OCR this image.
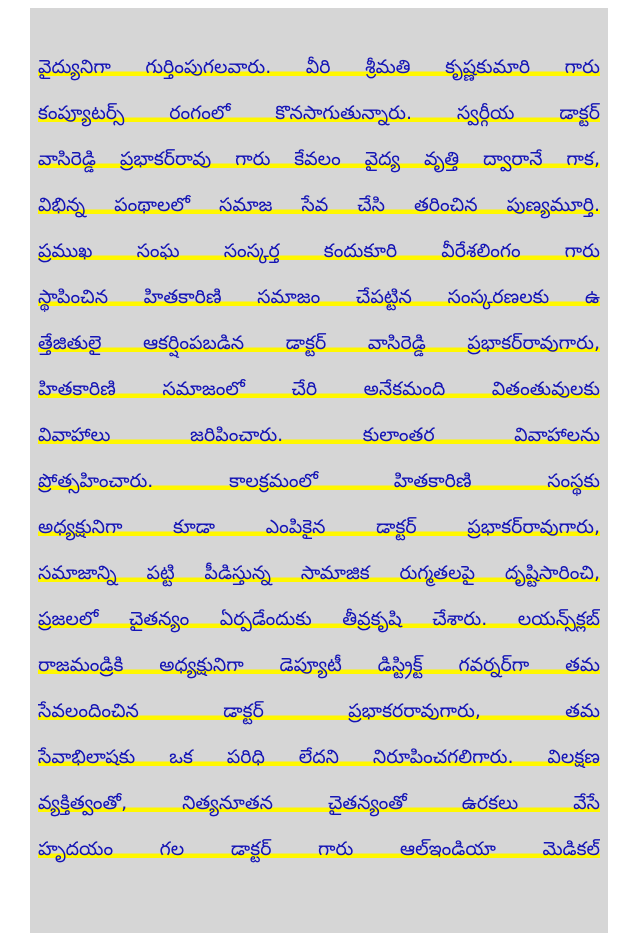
వైద్యునిగా గుర్తింపుగలవారు. వీరి శ్రీమతి కృష్ణకుమారి గారు
కంప్యూటర్స్ రంగంలో కొనసాగుతున్నారు. స్వర్గీయ డాక్టర్
వాసిరెడ్డి ప్రభాకర్‌రావు గారు కేవలం వైద్య వృత్తి ద్వారానే గాక,
విభిన్న పంథాలలో సమాజ సేవ చేసి తరించిన పుణ్యమూర్తి.
ప్రముఖ సంఘ సంస్కర్త కందుకూరి వీరేశలింగం గారు
స్థాపించిన హితకారిణి సమాజం చేపట్టిన సంస్కరణలకు ఉ
త్తేజితులై ఆకర్షింపబడిన డాక్టర్ వాసిరెడ్డి ప్రభాకర్‌రావుగారు,
హితకారిణి సమాజంలో చేరి అనేకమంది వితంతువులకు
వివాహాలు జరిపించారు. కులాంతర వివాహాలను
ప్రోత్సహించారు. కాలక్రమంలో హితకారిణి సంస్థకు
అధ్యక్షునిగా కూడా ఎంపికైన డాక్టర్ ప్రభాకర్‌రావుగారు,
సమాజాన్ని పట్టి పీడిస్తున్న సామాజిక రుగ్మతలపై దృష్టిసారించి,
ప్రజలలో చైతన్యం ఏర్పడేందుకు తీవ్రకృషి చేశారు. లయన్స్‌క్లబ్
రాజమండ్రికి అధ్యక్షునిగా డెప్యూటీ డిస్ట్రిక్ట్ గవర్నర్‌గా తమ
సేవలందించిన డాక్టర్ ప్రభాకరరావుగారు, తమ
సేవాభిలాషకు ఒక పరిధి లేదని నిరూపించగలిగారు. విలక్షణ
వ్యక్తిత్వంతో, నిత్యనూతన చైతన్యంతో ఉరకలు వేసే
హృదయం గల డాక్టర్ గారు ఆల్‌ఇండియా మెడికల్
